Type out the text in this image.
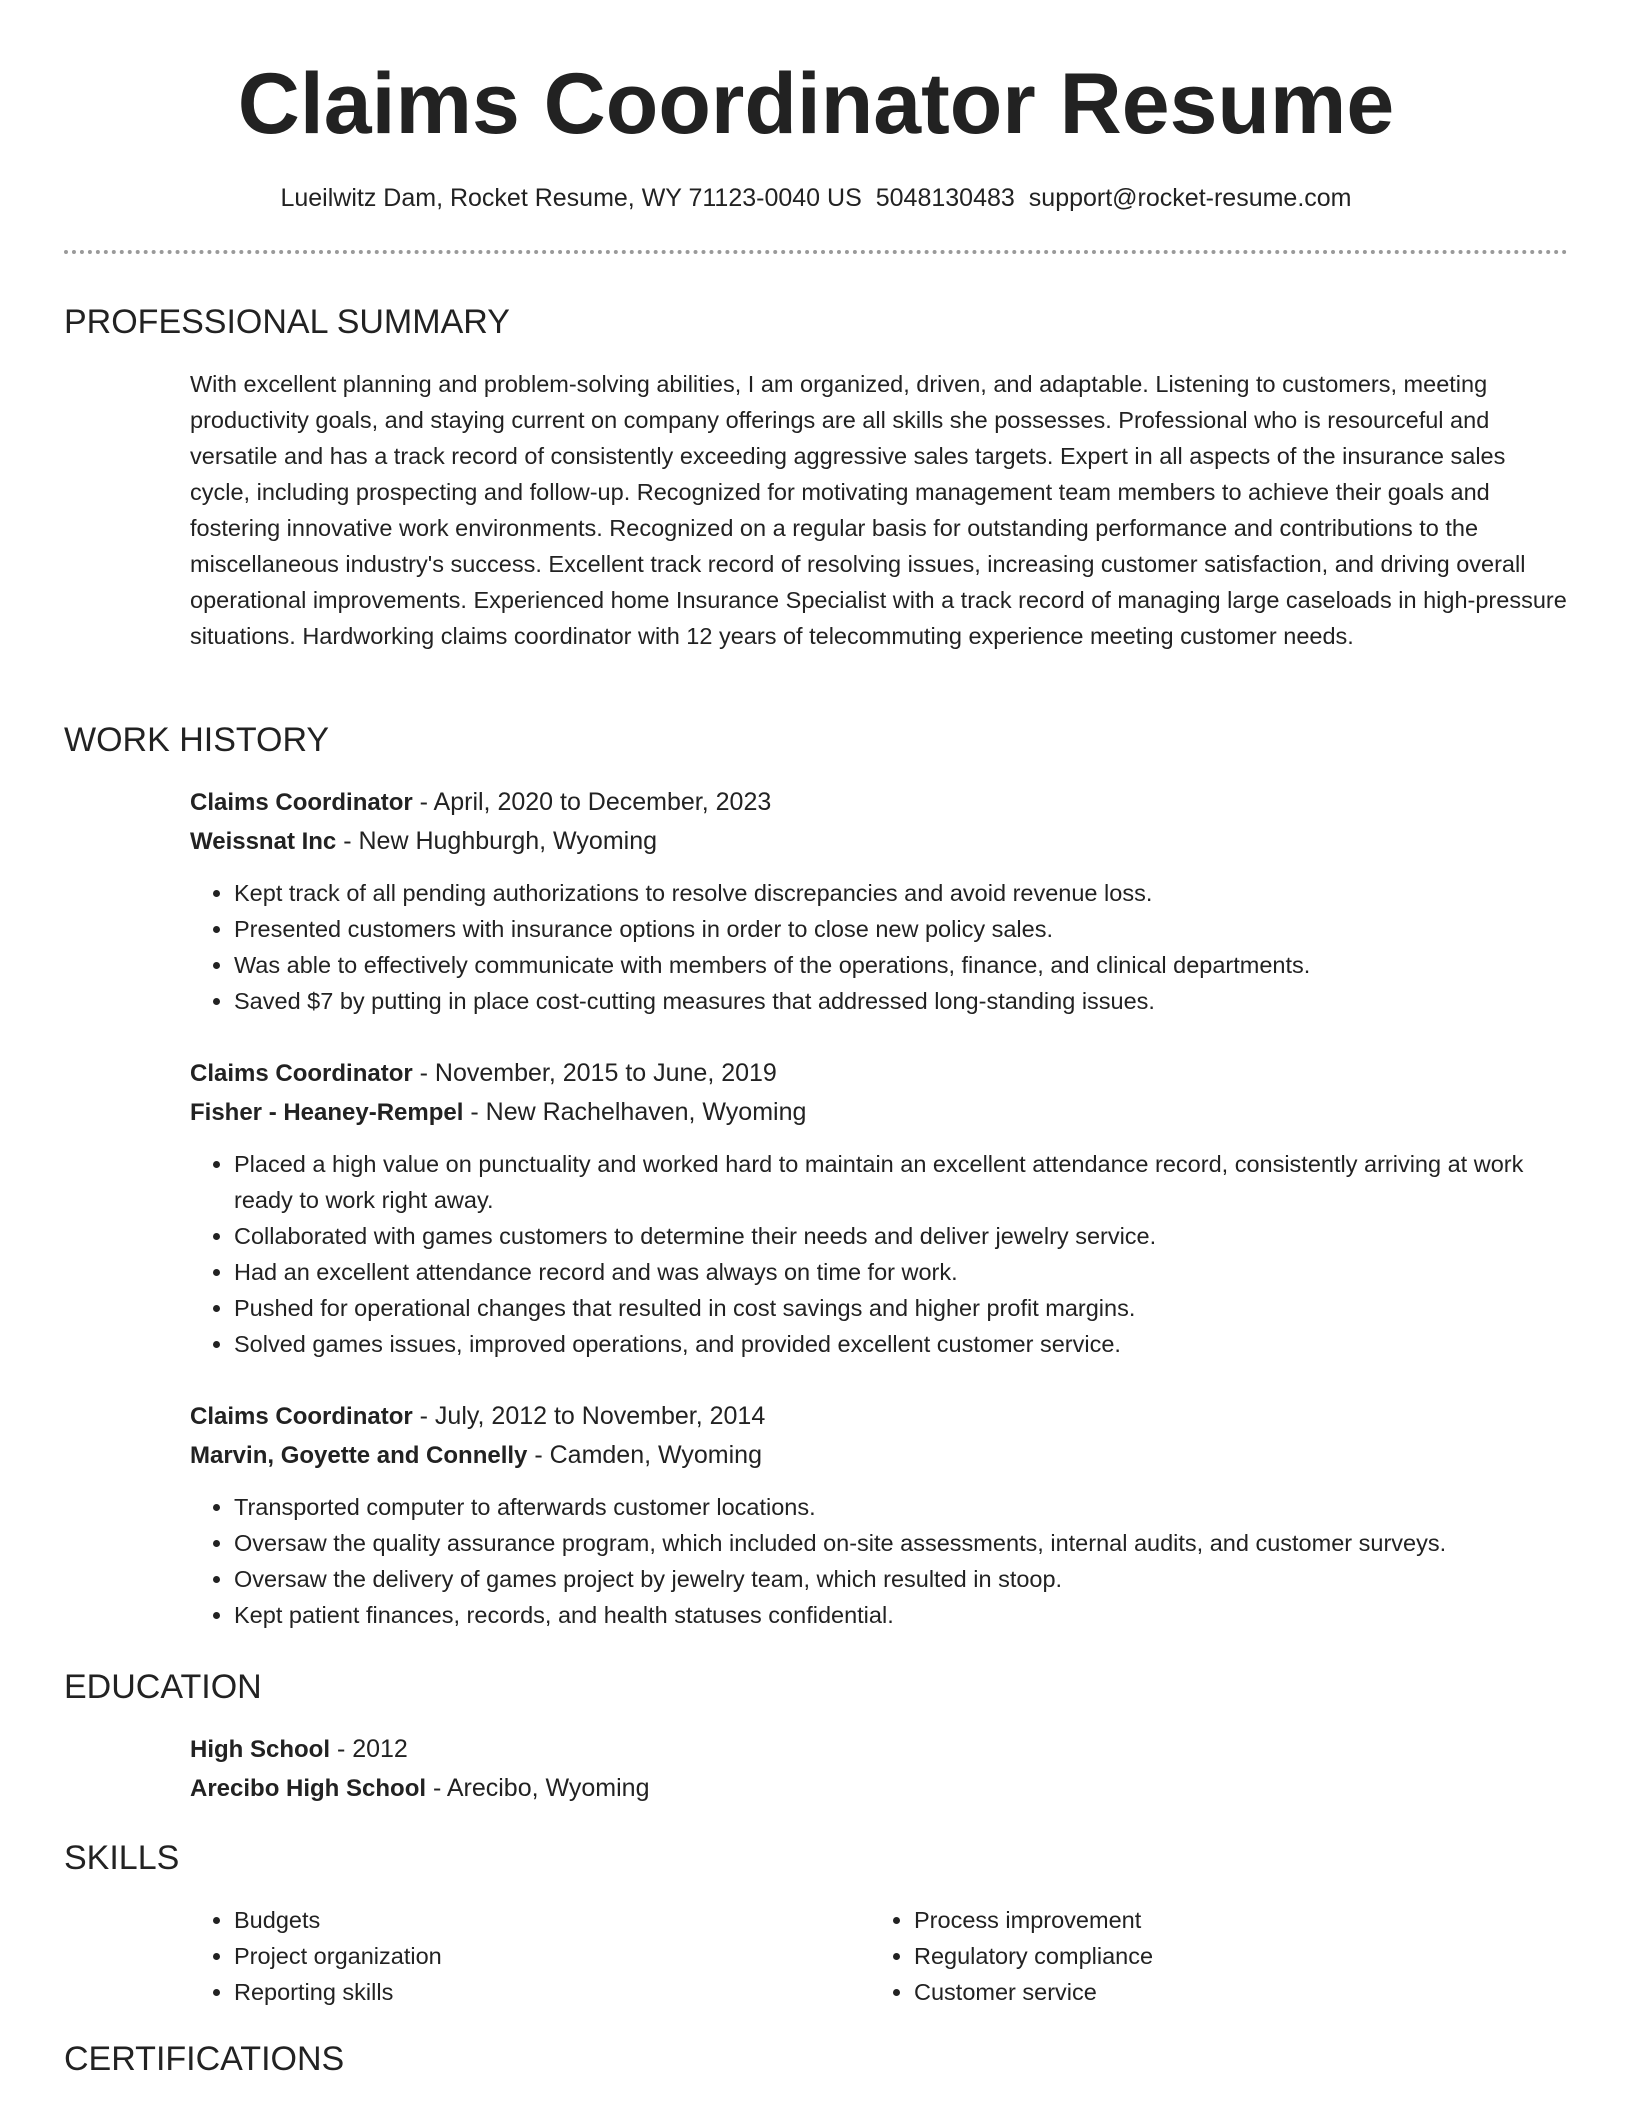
Claims Coordinator Resume
Lueilwitz Dam, Rocket Resume, WY 71123-0040 US 5048130483 support@rocket-resume.com
PROFESSIONAL SUMMARY

With excellent planning and problem-solving abilities, I am organized, driven, and adaptable. Listening to customers, meeting productivity goals, and staying current on company offerings are all skills she possesses. Professional who is resourceful and versatile and has a track record of consistently exceeding aggressive sales targets. Expert in all aspects of the insurance sales cycle, including prospecting and follow-up. Recognized for motivating management team members to achieve their goals and fostering innovative work environments. Recognized on a regular basis for outstanding performance and contributions to the miscellaneous industry's success. Excellent track record of resolving issues, increasing customer satisfaction, and driving overall operational improvements. Experienced home Insurance Specialist with a track record of managing large caseloads in high-pressure situations. Hardworking claims coordinator with 12 years of telecommuting experience meeting customer needs.

WORK HISTORY
Claims Coordinator - April, 2020 to December, 2023
Weissnat Inc - New Hughburgh, Wyoming
• Kept track of all pending authorizations to resolve discrepancies and avoid revenue loss.
• Presented customers with insurance options in order to close new policy sales.
• Was able to effectively communicate with members of the operations, finance, and clinical departments.
• Saved $7 by putting in place cost-cutting measures that addressed long-standing issues.
Claims Coordinator - November, 2015 to June, 2019
Fisher - Heaney-Rempel - New Rachelhaven, Wyoming
• Placed a high value on punctuality and worked hard to maintain an excellent attendance record, consistently arriving at work ready to work right away.
• Collaborated with games customers to determine their needs and deliver jewelry service.
• Had an excellent attendance record and was always on time for work.
• Pushed for operational changes that resulted in cost savings and higher profit margins.
• Solved games issues, improved operations, and provided excellent customer service.
Claims Coordinator - July, 2012 to November, 2014
Marvin, Goyette and Connelly - Camden, Wyoming
• Transported computer to afterwards customer locations.
• Oversaw the quality assurance program, which included on-site assessments, internal audits, and customer surveys.
• Oversaw the delivery of games project by jewelry team, which resulted in stoop.
• Kept patient finances, records, and health statuses confidential.
EDUCATION
High School - 2012
Arecibo High School - Arecibo, Wyoming
SKILLS
• Budgets
• Project organization
• Reporting skills
• Process improvement
• Regulatory compliance
• Customer service
CERTIFICATIONS
